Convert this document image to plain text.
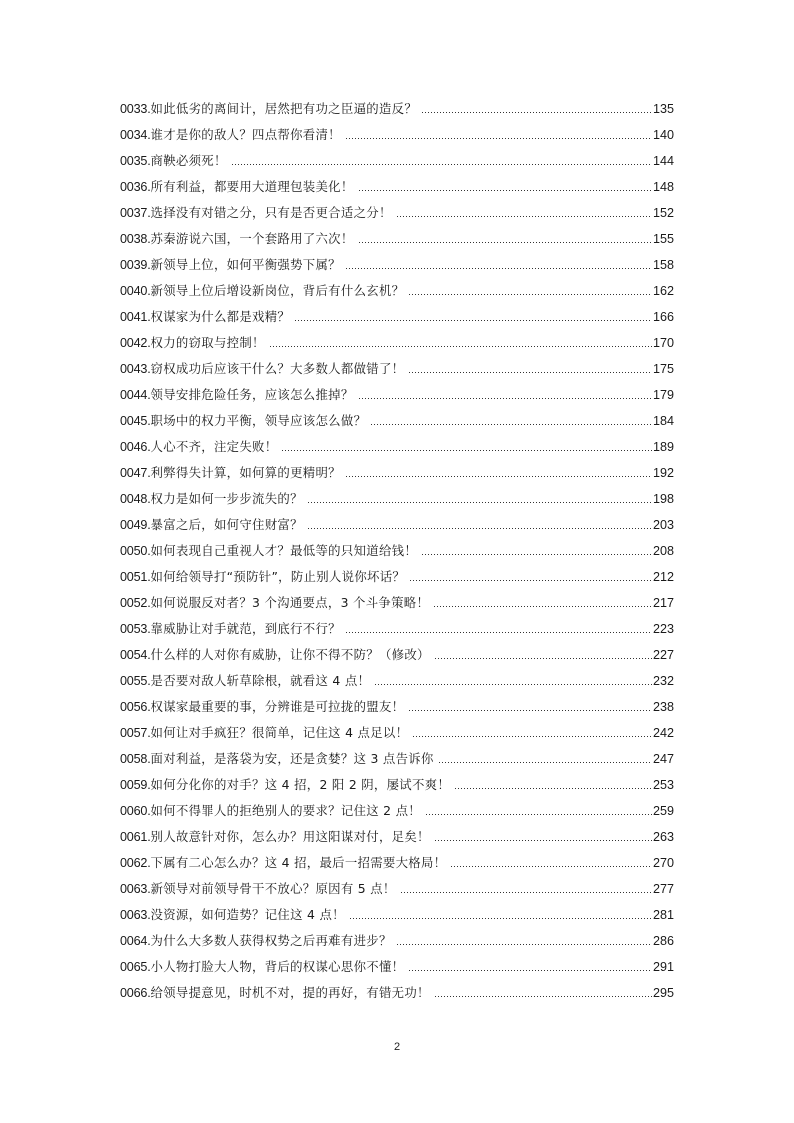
0033. 如此低劣的离间计，居然把有功之臣逼的造反？	135
0034. 谁才是你的敌人？四点帮你看清！	140
0035. 商鞅必须死！	144
0036. 所有利益，都要用大道理包装美化！	148
0037. 选择没有对错之分，只有是否更合适之分！	152
0038. 苏秦游说六国，一个套路用了六次！	155
0039. 新领导上位，如何平衡强势下属？	158
0040. 新领导上位后增设新岗位，背后有什么玄机？	162
0041. 权谋家为什么都是戏精？	166
0042. 权力的窃取与控制！	170
0043. 窃权成功后应该干什么？大多数人都做错了！	175
0044. 领导安排危险任务，应该怎么推掉？	179
0045. 职场中的权力平衡，领导应该怎么做？	184
0046. 人心不齐，注定失败！	189
0047. 利弊得失计算，如何算的更精明？	192
0048. 权力是如何一步步流失的？	198
0049. 暴富之后，如何守住财富？	203
0050. 如何表现自己重视人才？最低等的只知道给钱！	208
0051. 如何给领导打“预防针”，防止别人说你坏话？	212
0052. 如何说服反对者？3 个沟通要点，3 个斗争策略！	217
0053. 靠威胁让对手就范，到底行不行？	223
0054. 什么样的人对你有威胁，让你不得不防？（修改）	227
0055. 是否要对敌人斩草除根，就看这 4 点！	232
0056. 权谋家最重要的事，分辨谁是可拉拢的盟友！	238
0057. 如何让对手疯狂？很简单，记住这 4 点足以！	242
0058. 面对利益，是落袋为安，还是贪婪？这 3 点告诉你	247
0059. 如何分化你的对手？这 4 招，2 阳 2 阴，屡试不爽！	253
0060. 如何不得罪人的拒绝别人的要求？记住这 2 点！	259
0061. 别人故意针对你，怎么办？用这阳谋对付，足矣！	263
0062. 下属有二心怎么办？这 4 招，最后一招需要大格局！	270
0063. 新领导对前领导骨干不放心？原因有 5 点！	277
0063. 没资源，如何造势？记住这 4 点！	281
0064. 为什么大多数人获得权势之后再难有进步？	286
0065. 小人物打脸大人物，背后的权谋心思你不懂！	291
0066. 给领导提意见，时机不对，提的再好，有错无功！	295
2
